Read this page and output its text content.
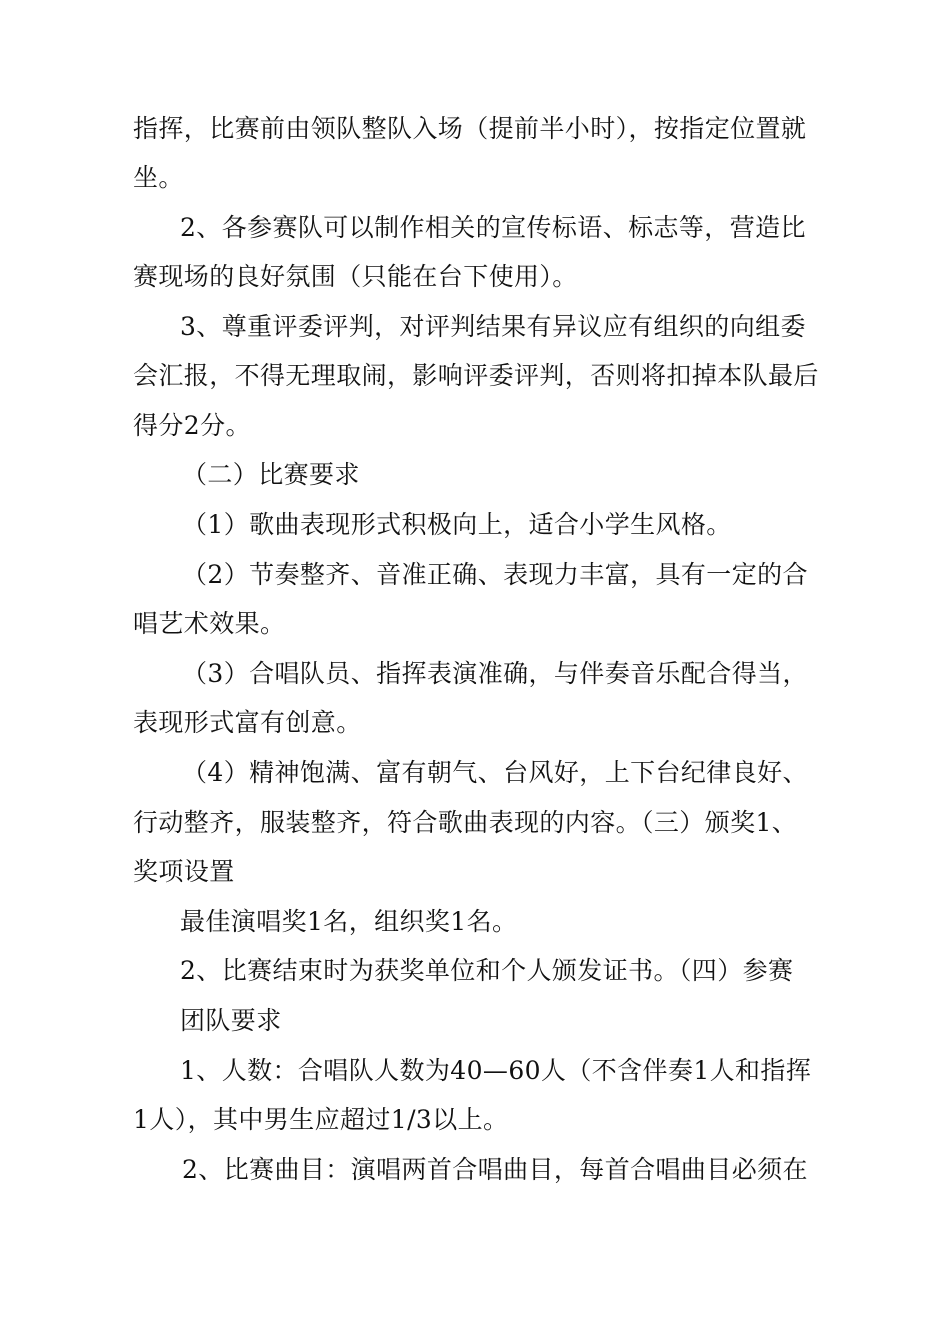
指挥，比赛前由领队整队入场（提前半小时），按指定位置就
坐。
2、各参赛队可以制作相关的宣传标语、标志等，营造比
赛现场的良好氛围（只能在台下使用）。
3、尊重评委评判，对评判结果有异议应有组织的向组委
会汇报，不得无理取闹，影响评委评判，否则将扣掉本队最后
得分2分。
（二）比赛要求
（1）歌曲表现形式积极向上，适合小学生风格。
（2）节奏整齐、音准正确、表现力丰富，具有一定的合
唱艺术效果。
（3）合唱队员、指挥表演准确，与伴奏音乐配合得当，
表现形式富有创意。
（4）精神饱满、富有朝气、台风好，上下台纪律良好、
行动整齐，服装整齐，符合歌曲表现的内容。（三）颁奖1、
奖项设置
最佳演唱奖1名，组织奖1名。
2、比赛结束时为获奖单位和个人颁发证书。（四）参赛
团队要求
1、人数：合唱队人数为40—60人（不含伴奏1人和指挥
1人），其中男生应超过1/3以上。
2、比赛曲目：演唱两首合唱曲目，每首合唱曲目必须在
